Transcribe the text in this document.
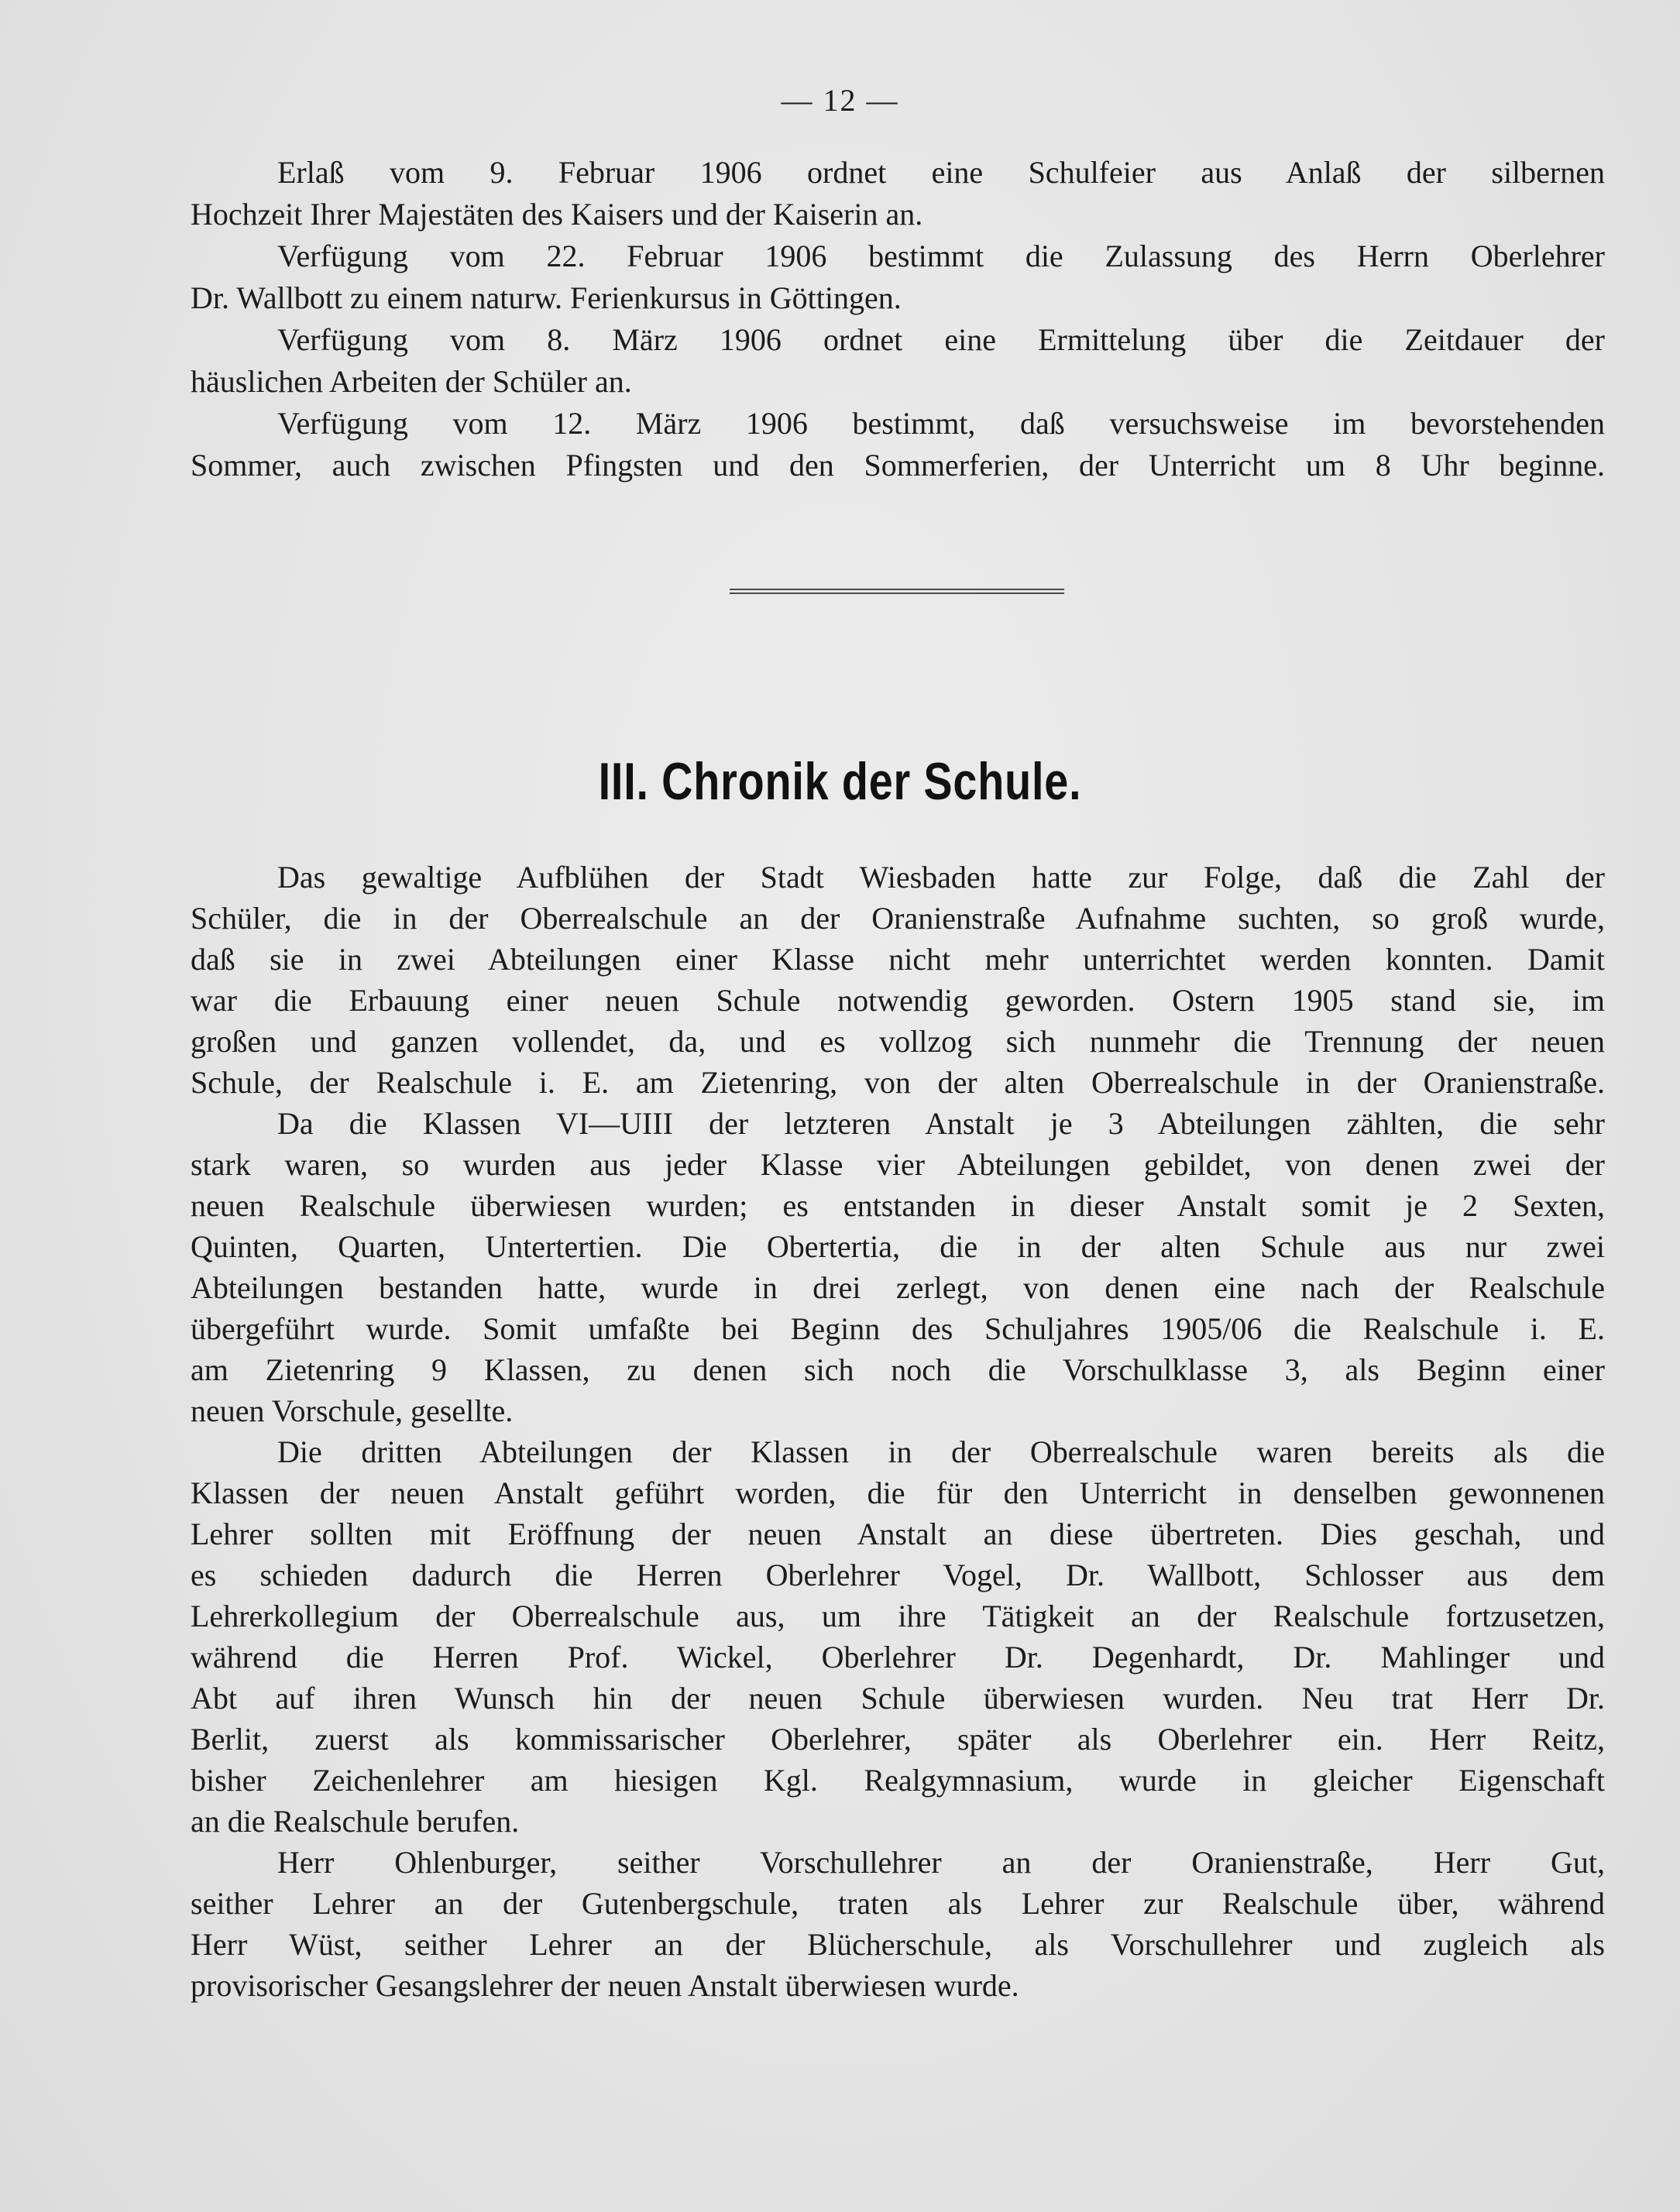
— 12 —
Erlaß vom 9. Februar 1906 ordnet eine Schulfeier aus Anlaß der silbernen
Hochzeit Ihrer Majestäten des Kaisers und der Kaiserin an.
Verfügung vom 22. Februar 1906 bestimmt die Zulassung des Herrn Oberlehrer
Dr. Wallbott zu einem naturw. Ferienkursus in Göttingen.
Verfügung vom 8. März 1906 ordnet eine Ermittelung über die Zeitdauer der
häuslichen Arbeiten der Schüler an.
Verfügung vom 12. März 1906 bestimmt, daß versuchsweise im bevorstehenden
Sommer, auch zwischen Pfingsten und den Sommerferien, der Unterricht um 8 Uhr beginne.
III. Chronik der Schule.
Das gewaltige Aufblühen der Stadt Wiesbaden hatte zur Folge, daß die Zahl der
Schüler, die in der Oberrealschule an der Oranienstraße Aufnahme suchten, so groß wurde,
daß sie in zwei Abteilungen einer Klasse nicht mehr unterrichtet werden konnten. Damit
war die Erbauung einer neuen Schule notwendig geworden. Ostern 1905 stand sie, im
großen und ganzen vollendet, da, und es vollzog sich nunmehr die Trennung der neuen
Schule, der Realschule i. E. am Zietenring, von der alten Oberrealschule in der Oranienstraße.
Da die Klassen VI—UIII der letzteren Anstalt je 3 Abteilungen zählten, die sehr
stark waren, so wurden aus jeder Klasse vier Abteilungen gebildet, von denen zwei der
neuen Realschule überwiesen wurden; es entstanden in dieser Anstalt somit je 2 Sexten,
Quinten, Quarten, Untertertien. Die Obertertia, die in der alten Schule aus nur zwei
Abteilungen bestanden hatte, wurde in drei zerlegt, von denen eine nach der Realschule
übergeführt wurde. Somit umfaßte bei Beginn des Schuljahres 1905/06 die Realschule i. E.
am Zietenring 9 Klassen, zu denen sich noch die Vorschulklasse 3, als Beginn einer
neuen Vorschule, gesellte.
Die dritten Abteilungen der Klassen in der Oberrealschule waren bereits als die
Klassen der neuen Anstalt geführt worden, die für den Unterricht in denselben gewonnenen
Lehrer sollten mit Eröffnung der neuen Anstalt an diese übertreten. Dies geschah, und
es schieden dadurch die Herren Oberlehrer Vogel, Dr. Wallbott, Schlosser aus dem
Lehrerkollegium der Oberrealschule aus, um ihre Tätigkeit an der Realschule fortzusetzen,
während die Herren Prof. Wickel, Oberlehrer Dr. Degenhardt, Dr. Mahlinger und
Abt auf ihren Wunsch hin der neuen Schule überwiesen wurden. Neu trat Herr Dr.
Berlit, zuerst als kommissarischer Oberlehrer, später als Oberlehrer ein. Herr Reitz,
bisher Zeichenlehrer am hiesigen Kgl. Realgymnasium, wurde in gleicher Eigenschaft
an die Realschule berufen.
Herr Ohlenburger, seither Vorschullehrer an der Oranienstraße, Herr Gut,
seither Lehrer an der Gutenbergschule, traten als Lehrer zur Realschule über, während
Herr Wüst, seither Lehrer an der Blücherschule, als Vorschullehrer und zugleich als
provisorischer Gesangslehrer der neuen Anstalt überwiesen wurde.
